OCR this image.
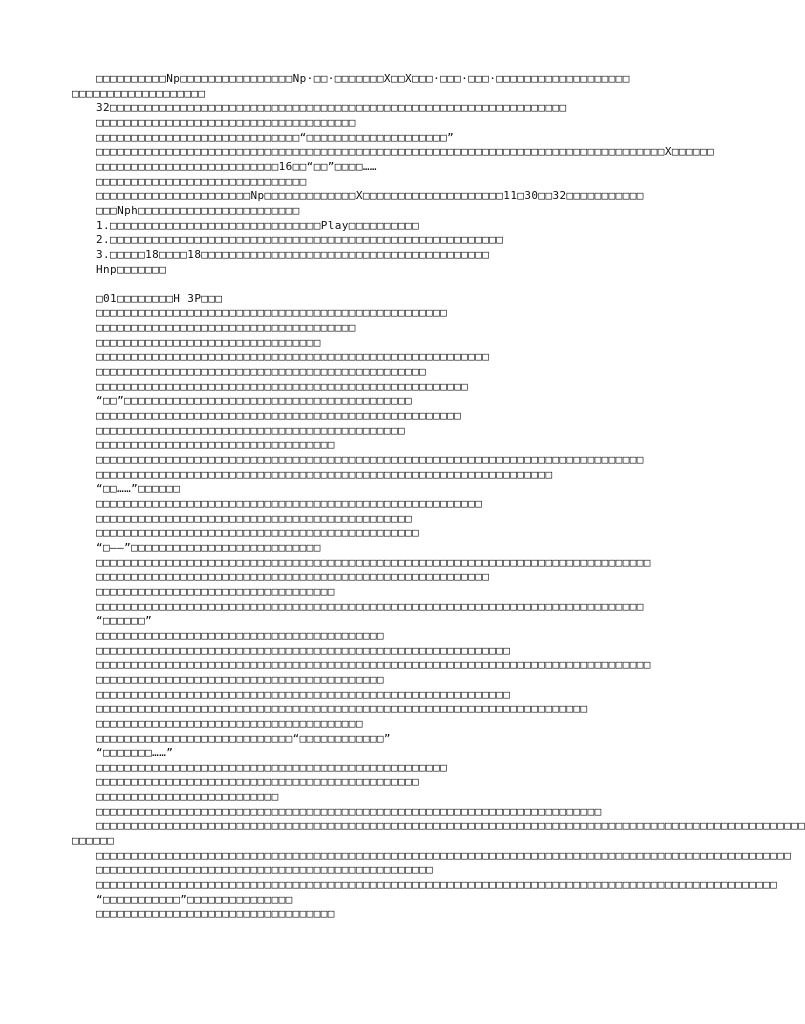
□□□□□□□□□□Np□□□□□□□□□□□□□□□□Np·□□·□□□□□□□X□□X□□□·□□□·□□□·□□□□□□□□□□□□□□□□□□□
□□□□□□□□□□□□□□□□□□□
32□□□□□□□□□□□□□□□□□□□□□□□□□□□□□□□□□□□□□□□□□□□□□□□□□□□□□□□□□□□□□□□□□
□□□□□□□□□□□□□□□□□□□□□□□□□□□□□□□□□□□□□
□□□□□□□□□□□□□□□□□□□□□□□□□□□□□“□□□□□□□□□□□□□□□□□□□□”
□□□□□□□□□□□□□□□□□□□□□□□□□□□□□□□□□□□□□□□□□□□□□□□□□□□□□□□□□□□□□□□□□□□□□□□□□□□□□□□□□X□□□□□□
□□□□□□□□□□□□□□□□□□□□□□□□□□16□□“□□”□□□□……
□□□□□□□□□□□□□□□□□□□□□□□□□□□□□□
□□□□□□□□□□□□□□□□□□□□□□Np□□□□□□□□□□□□□X□□□□□□□□□□□□□□□□□□□□11□30□□32□□□□□□□□□□□
□□□Nph□□□□□□□□□□□□□□□□□□□□□□□
1.□□□□□□□□□□□□□□□□□□□□□□□□□□□□□□Play□□□□□□□□□□
2.□□□□□□□□□□□□□□□□□□□□□□□□□□□□□□□□□□□□□□□□□□□□□□□□□□□□□□□□
3.□□□□□18□□□□18□□□□□□□□□□□□□□□□□□□□□□□□□□□□□□□□□□□□□□□□□
Hnp□□□□□□□
□01□□□□□□□□H 3P□□□
□□□□□□□□□□□□□□□□□□□□□□□□□□□□□□□□□□□□□□□□□□□□□□□□□□
□□□□□□□□□□□□□□□□□□□□□□□□□□□□□□□□□□□□□
□□□□□□□□□□□□□□□□□□□□□□□□□□□□□□□□
□□□□□□□□□□□□□□□□□□□□□□□□□□□□□□□□□□□□□□□□□□□□□□□□□□□□□□□□
□□□□□□□□□□□□□□□□□□□□□□□□□□□□□□□□□□□□□□□□□□□□□□□
□□□□□□□□□□□□□□□□□□□□□□□□□□□□□□□□□□□□□□□□□□□□□□□□□□□□□
“□□”□□□□□□□□□□□□□□□□□□□□□□□□□□□□□□□□□□□□□□□□□
□□□□□□□□□□□□□□□□□□□□□□□□□□□□□□□□□□□□□□□□□□□□□□□□□□□□
□□□□□□□□□□□□□□□□□□□□□□□□□□□□□□□□□□□□□□□□□□□□
□□□□□□□□□□□□□□□□□□□□□□□□□□□□□□□□□□
□□□□□□□□□□□□□□□□□□□□□□□□□□□□□□□□□□□□□□□□□□□□□□□□□□□□□□□□□□□□□□□□□□□□□□□□□□□□□□
□□□□□□□□□□□□□□□□□□□□□□□□□□□□□□□□□□□□□□□□□□□□□□□□□□□□□□□□□□□□□□□□□
“□□……”□□□□□□
□□□□□□□□□□□□□□□□□□□□□□□□□□□□□□□□□□□□□□□□□□□□□□□□□□□□□□□
□□□□□□□□□□□□□□□□□□□□□□□□□□□□□□□□□□□□□□□□□□□□□
□□□□□□□□□□□□□□□□□□□□□□□□□□□□□□□□□□□□□□□□□□□□□□
“□——”□□□□□□□□□□□□□□□□□□□□□□□□□□□
□□□□□□□□□□□□□□□□□□□□□□□□□□□□□□□□□□□□□□□□□□□□□□□□□□□□□□□□□□□□□□□□□□□□□□□□□□□□□□□
□□□□□□□□□□□□□□□□□□□□□□□□□□□□□□□□□□□□□□□□□□□□□□□□□□□□□□□□
□□□□□□□□□□□□□□□□□□□□□□□□□□□□□□□□□□
□□□□□□□□□□□□□□□□□□□□□□□□□□□□□□□□□□□□□□□□□□□□□□□□□□□□□□□□□□□□□□□□□□□□□□□□□□□□□□
“□□□□□□”
□□□□□□□□□□□□□□□□□□□□□□□□□□□□□□□□□□□□□□□□□
□□□□□□□□□□□□□□□□□□□□□□□□□□□□□□□□□□□□□□□□□□□□□□□□□□□□□□□□□□□
□□□□□□□□□□□□□□□□□□□□□□□□□□□□□□□□□□□□□□□□□□□□□□□□□□□□□□□□□□□□□□□□□□□□□□□□□□□□□□□
□□□□□□□□□□□□□□□□□□□□□□□□□□□□□□□□□□□□□□□□□
□□□□□□□□□□□□□□□□□□□□□□□□□□□□□□□□□□□□□□□□□□□□□□□□□□□□□□□□□□□
□□□□□□□□□□□□□□□□□□□□□□□□□□□□□□□□□□□□□□□□□□□□□□□□□□□□□□□□□□□□□□□□□□□□□□
□□□□□□□□□□□□□□□□□□□□□□□□□□□□□□□□□□□□□□
□□□□□□□□□□□□□□□□□□□□□□□□□□□□“□□□□□□□□□□□□”
“□□□□□□□……”
□□□□□□□□□□□□□□□□□□□□□□□□□□□□□□□□□□□□□□□□□□□□□□□□□□
□□□□□□□□□□□□□□□□□□□□□□□□□□□□□□□□□□□□□□□□□□□□□□
□□□□□□□□□□□□□□□□□□□□□□□□□□
□□□□□□□□□□□□□□□□□□□□□□□□□□□□□□□□□□□□□□□□□□□□□□□□□□□□□□□□□□□□□□□□□□□□□□□□
□□□□□□□□□□□□□□□□□□□□□□□□□□□□□□□□□□□□□□□□□□□□□□□□□□□□□□□□□□□□□□□□□□□□□□□□□□□□□□□□□□□□□□□□□□□□□□□□□□□□□
□□□□□□
□□□□□□□□□□□□□□□□□□□□□□□□□□□□□□□□□□□□□□□□□□□□□□□□□□□□□□□□□□□□□□□□□□□□□□□□□□□□□□□□□□□□□□□□□□□□□□□□□□□
□□□□□□□□□□□□□□□□□□□□□□□□□□□□□□□□□□□□□□□□□□□□□□□□
□□□□□□□□□□□□□□□□□□□□□□□□□□□□□□□□□□□□□□□□□□□□□□□□□□□□□□□□□□□□□□□□□□□□□□□□□□□□□□□□□□□□□□□□□□□□□□□□□
“□□□□□□□□□□□”□□□□□□□□□□□□□□□
□□□□□□□□□□□□□□□□□□□□□□□□□□□□□□□□□□
